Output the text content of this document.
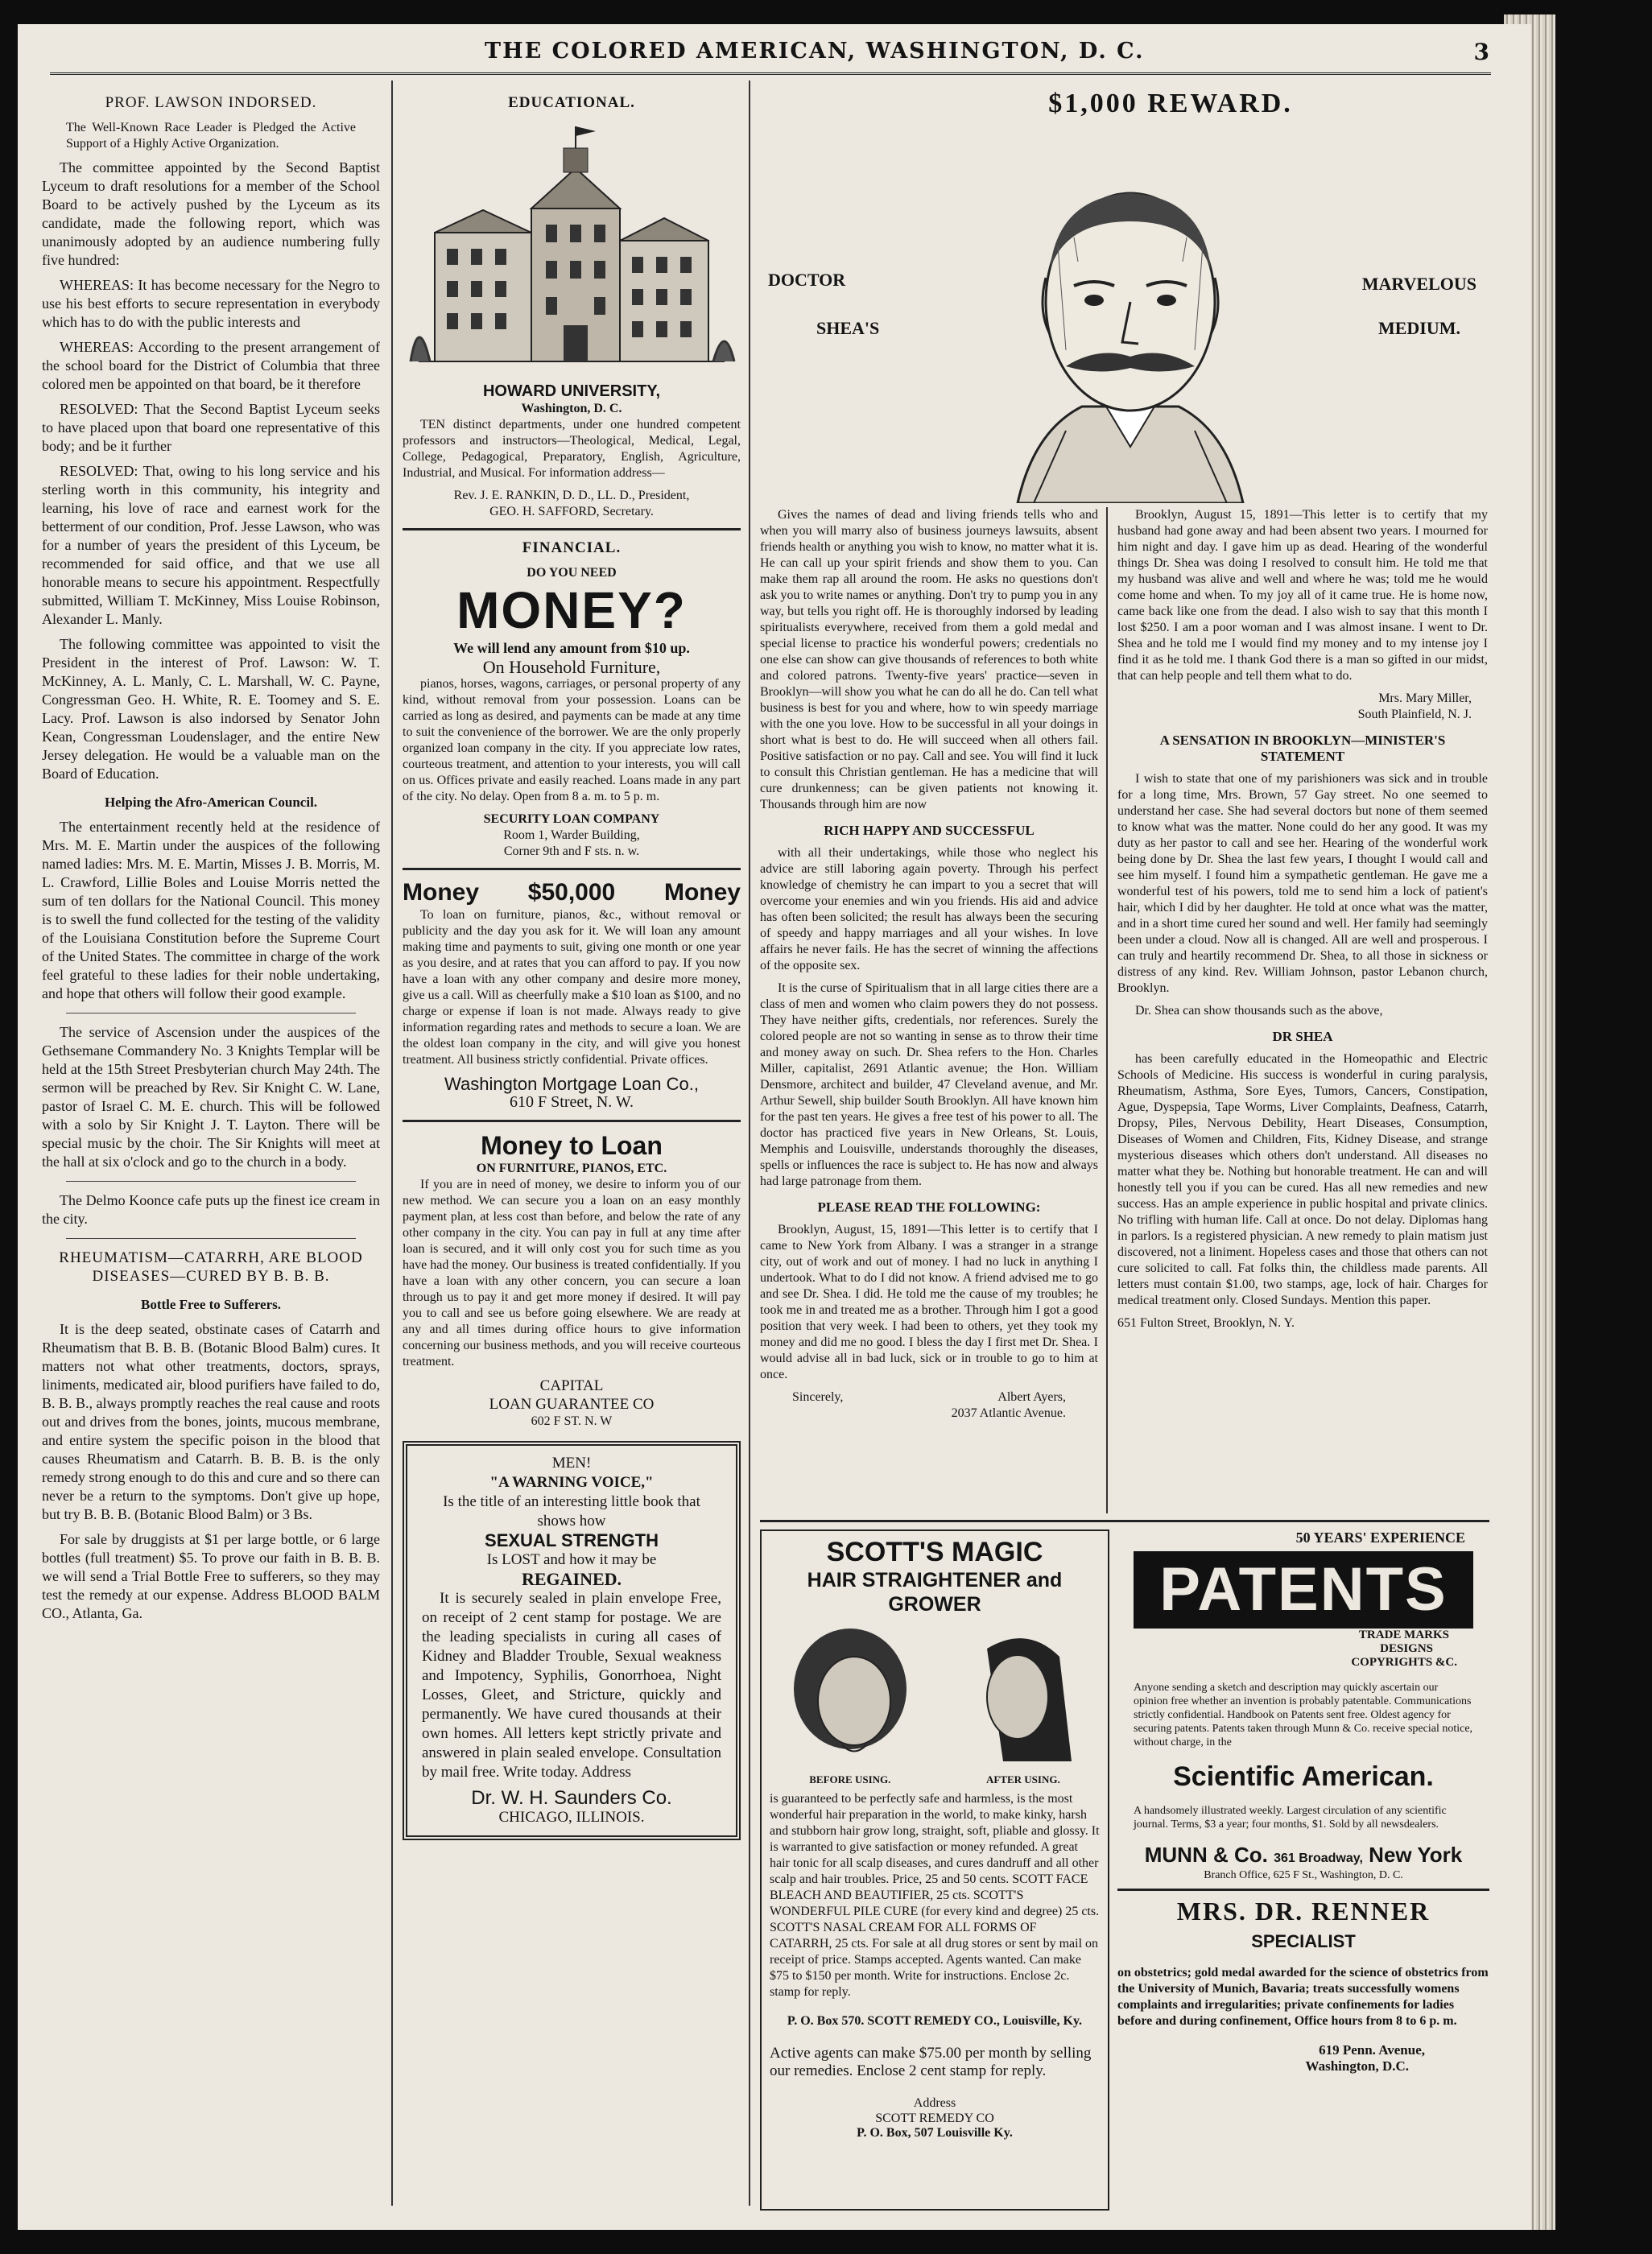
THE COLORED AMERICAN, WASHINGTON, D. C.	3
PROF. LAWSON INDORSED.

The Well-Known Race Leader is Pledged the Active Support of a Highly Active Organization.

The committee appointed by the Second Baptist Lyceum to draft resolutions for a member of the School Board to be actively pushed by the Lyceum as its candidate, made the following report, which was unanimously adopted by an audience numbering fully five hundred:

WHEREAS: It has become necessary for the Negro to use his best efforts to secure representation in everybody which has to do with the public interests and

WHEREAS: According to the present arrangement of the school board for the District of Columbia that three colored men be appointed on that board, be it therefore

RESOLVED: That the Second Baptist Lyceum seeks to have placed upon that board one representative of this body; and be it further

RESOLVED: That, owing to his long service and his sterling worth in this community, his integrity and learning, his love of race and earnest work for the betterment of our condition, Prof. Jesse Lawson, who was for a number of years the president of this Lyceum, be recommended for said office, and that we use all honorable means to secure his appointment. Respectfully submitted, William T. McKinney, Miss Louise Robinson, Alexander L. Manly.

The following committee was appointed to visit the President in the interest of Prof. Lawson: W. T. McKinney, A. L. Manly, C. L. Marshall, W. C. Payne, Congressman Geo. H. White, R. E. Toomey and S. E. Lacy. Prof. Lawson is also indorsed by Senator John Kean, Congressman Loudenslager, and the entire New Jersey delegation. He would be a valuable man on the Board of Education.

Helping the Afro-American Council.

The entertainment recently held at the residence of Mrs. M. E. Martin under the auspices of the following named ladies: Mrs. M. E. Martin, Misses J. B. Morris, M. L. Crawford, Lillie Boles and Louise Morris netted the sum of ten dollars for the National Council. This money is to swell the fund collected for the testing of the validity of the Louisiana Constitution before the Supreme Court of the United States. The committee in charge of the work feel grateful to these ladies for their noble undertaking, and hope that others will follow their good example.

The service of Ascension under the auspices of the Gethsemane Commandery No. 3 Knights Templar will be held at the 15th Street Presbyterian church May 24th. The sermon will be preached by Rev. Sir Knight C. W. Lane, pastor of Israel C. M. E. church. This will be followed with a solo by Sir Knight J. T. Layton. There will be special music by the choir. The Sir Knights will meet at the hall at six o'clock and go to the church in a body.

The Delmo Koonce cafe puts up the finest ice cream in the city.

RHEUMATISM—CATARRH, ARE BLOOD DISEASES—CURED BY B. B. B.
Bottle Free to Sufferers.

It is the deep seated, obstinate cases of Catarrh and Rheumatism that B. B. B. (Botanic Blood Balm) cures. It matters not what other treatments, doctors, sprays, liniments, medicated air, blood purifiers have failed to do, B. B. B., always promptly reaches the real cause and roots out and drives from the bones, joints, mucous membrane, and entire system the specific poison in the blood that causes Rheumatism and Catarrh. B. B. B. is the only remedy strong enough to do this and cure and so there can never be a return to the symptoms. Don't give up hope, but try B. B. B. (Botanic Blood Balm) or 3 Bs.

For sale by druggists at $1 per large bottle, or 6 large bottles (full treatment) $5. To prove our faith in B. B. B. we will send a Trial Bottle Free to sufferers, so they may test the remedy at our expense. Address BLOOD BALM CO., Atlanta, Ga.

EDUCATIONAL.
HOWARD UNIVERSITY,
Washington, D. C.

TEN distinct departments, under one hundred competent professors and instructors—Theological, Medical, Legal, College, Pedagogical, Preparatory, English, Agriculture, Industrial, and Musical. For information address—

Rev. J. E. RANKIN, D. D., LL. D., President,
GEO. H. SAFFORD, Secretary.
FINANCIAL.
DO YOU NEED
MONEY?
We will lend any amount from $10 up.
On Household Furniture,

pianos, horses, wagons, carriages, or personal property of any kind, without removal from your possession. Loans can be carried as long as desired, and payments can be made at any time to suit the convenience of the borrower. We are the only properly organized loan company in the city. If you appreciate low rates, courteous treatment, and attention to your interests, you will call on us. Offices private and easily reached. Loans made in any part of the city. No delay. Open from 8 a. m. to 5 p. m.

SECURITY LOAN COMPANY
Room 1, Warder Building,
Corner 9th and F sts. n. w.
Money $50,000 Money

To loan on furniture, pianos, &c., without removal or publicity and the day you ask for it. We will loan any amount making time and payments to suit, giving one month or one year as you desire, and at rates that you can afford to pay. If you now have a loan with any other company and desire more money, give us a call. Will as cheerfully make a $10 loan as $100, and no charge or expense if loan is not made. Always ready to give information regarding rates and methods to secure a loan. We are the oldest loan company in the city, and will give you honest treatment. All business strictly confidential. Private offices.

Washington Mortgage Loan Co.,
610 F Street, N. W.
Money to Loan
ON FURNITURE, PIANOS, ETC.

If you are in need of money, we desire to inform you of our new method. We can secure you a loan on an easy monthly payment plan, at less cost than before, and below the rate of any other company in the city. You can pay in full at any time after loan is secured, and it will only cost you for such time as you have had the money. Our business is treated confidentially. If you have a loan with any other concern, you can secure a loan through us to pay it and get more money if desired. It will pay you to call and see us before going elsewhere. We are ready at any and all times during office hours to give information concerning our business methods, and you will receive courteous treatment.

CAPITAL
LOAN GUARANTEE CO
602 F ST. N. W
MEN!
"A WARNING VOICE,"
Is the title of an interesting little book that shows how
SEXUAL STRENGTH
Is LOST and how it may be
REGAINED.

It is securely sealed in plain envelope Free, on receipt of 2 cent stamp for postage. We are the leading specialists in curing all cases of Kidney and Bladder Trouble, Sexual weakness and Impotency, Syphilis, Gonorrhoea, Night Losses, Gleet, and Stricture, quickly and permanently. We have cured thousands at their own homes. All letters kept strictly private and answered in plain sealed envelope. Consultation by mail free. Write today. Address

Dr. W. H. Saunders Co.
CHICAGO, ILLINOIS.
$1,000 REWARD.
DOCTOR
SHEA'S
MARVELOUS
MEDIUM.

Gives the names of dead and living friends tells who and when you will marry also of business journeys lawsuits, absent friends health or anything you wish to know, no matter what it is. He can call up your spirit friends and show them to you. Can make them rap all around the room. He asks no questions don't ask you to write names or anything. Don't try to pump you in any way, but tells you right off. He is thoroughly indorsed by leading spiritualists everywhere, received from them a gold medal and special license to practice his wonderful powers; credentials no one else can show can give thousands of references to both white and colored patrons. Twenty-five years' practice—seven in Brooklyn—will show you what he can do all he do. Can tell what business is best for you and where, how to win speedy marriage with the one you love. How to be successful in all your doings in short what is best to do. He will succeed when all others fail. Positive satisfaction or no pay. Call and see. You will find it luck to consult this Christian gentleman. He has a medicine that will cure drunkenness; can be given patients not knowing it. Thousands through him are now

RICH HAPPY AND SUCCESSFUL

with all their undertakings, while those who neglect his advice are still laboring again poverty. Through his perfect knowledge of chemistry he can impart to you a secret that will overcome your enemies and win you friends. His aid and advice has often been solicited; the result has always been the securing of speedy and happy marriages and all your wishes. In love affairs he never fails. He has the secret of winning the affections of the opposite sex.

It is the curse of Spiritualism that in all large cities there are a class of men and women who claim powers they do not possess. They have neither gifts, credentials, nor references. Surely the colored people are not so wanting in sense as to throw their time and money away on such. Dr. Shea refers to the Hon. Charles Miller, capitalist, 2691 Atlantic avenue; the Hon. William Densmore, architect and builder, 47 Cleveland avenue, and Mr. Arthur Sewell, ship builder South Brooklyn. All have known him for the past ten years. He gives a free test of his power to all. The doctor has practiced five years in New Orleans, St. Louis, Memphis and Louisville, understands thoroughly the diseases, spells or influences the race is subject to. He has now and always had large patronage from them.

PLEASE READ THE FOLLOWING:

Brooklyn, August, 15, 1891—This letter is to certify that I came to New York from Albany. I was a stranger in a strange city, out of work and out of money. I had no luck in anything I undertook. What to do I did not know. A friend advised me to go and see Dr. Shea. I did. He told me the cause of my troubles; he took me in and treated me as a brother. Through him I got a good position that very week. I had been to others, yet they took my money and did me no good. I bless the day I first met Dr. Shea. I would advise all in bad luck, sick or in trouble to go to him at once.

Sincerely,	Albert Ayers,
2037 Atlantic Avenue.

Brooklyn, August 15, 1891—This letter is to certify that my husband had gone away and had been absent two years. I mourned for him night and day. I gave him up as dead. Hearing of the wonderful things Dr. Shea was doing I resolved to consult him. He told me that my husband was alive and well and where he was; told me he would come home and when. To my joy all of it came true. He is home now, came back like one from the dead. I also wish to say that this month I lost $250. I am a poor woman and I was almost insane. I went to Dr. Shea and he told me I would find my money and to my intense joy I find it as he told me. I thank God there is a man so gifted in our midst, that can help people and tell them what to do.

Mrs. Mary Miller,
South Plainfield, N. J.
A SENSATION IN BROOKLYN—MINISTER'S STATEMENT

I wish to state that one of my parishioners was sick and in trouble for a long time, Mrs. Brown, 57 Gay street. No one seemed to understand her case. She had several doctors but none of them seemed to know what was the matter. None could do her any good. It was my duty as her pastor to call and see her. Hearing of the wonderful work being done by Dr. Shea the last few years, I thought I would call and see him myself. I found him a sympathetic gentleman. He gave me a wonderful test of his powers, told me to send him a lock of patient's hair, which I did by her daughter. He told at once what was the matter, and in a short time cured her sound and well. Her family had seemingly been under a cloud. Now all is changed. All are well and prosperous. I can truly and heartily recommend Dr. Shea, to all those in sickness or distress of any kind. Rev. William Johnson, pastor Lebanon church, Brooklyn.

Dr. Shea can show thousands such as the above,

DR SHEA

has been carefully educated in the Homeopathic and Electric Schools of Medicine. His success is wonderful in curing paralysis, Rheumatism, Asthma, Sore Eyes, Tumors, Cancers, Constipation, Ague, Dyspepsia, Tape Worms, Liver Complaints, Deafness, Catarrh, Dropsy, Piles, Nervous Debility, Heart Diseases, Consumption, Diseases of Women and Children, Fits, Kidney Disease, and strange mysterious diseases which others don't understand. All diseases no matter what they be. Nothing but honorable treatment. He can and will honestly tell you if you can be cured. Has all new remedies and new success. Has an ample experience in public hospital and private clinics. No trifling with human life. Call at once. Do not delay. Diplomas hang in parlors. Is a registered physician. A new remedy to plain matism just discovered, not a liniment. Hopeless cases and those that others can not cure solicited to call. Fat folks thin, the childless made parents. All letters must contain $1.00, two stamps, age, lock of hair. Charges for medical treatment only. Closed Sundays. Mention this paper.

651 Fulton Street, Brooklyn, N. Y.
SCOTT'S MAGIC
HAIR STRAIGHTENER and GROWER
BEFORE USING.	AFTER USING.

is guaranteed to be perfectly safe and harmless, is the most wonderful hair preparation in the world, to make kinky, harsh and stubborn hair grow long, straight, soft, pliable and glossy. It is warranted to give satisfaction or money refunded. A great hair tonic for all scalp diseases, and cures dandruff and all other scalp and hair troubles. Price, 25 and 50 cents. SCOTT FACE BLEACH AND BEAUTIFIER, 25 cts. SCOTT'S WONDERFUL PILE CURE (for every kind and degree) 25 cts. SCOTT'S NASAL CREAM FOR ALL FORMS OF CATARRH, 25 cts. For sale at all drug stores or sent by mail on receipt of price. Stamps accepted. Agents wanted. Can make $75 to $150 per month. Write for instructions. Enclose 2c. stamp for reply.

P. O. Box 570. SCOTT REMEDY CO., Louisville, Ky.

Active agents can make $75.00 per month by selling our remedies. Enclose 2 cent stamp for reply.

Address
SCOTT REMEDY CO
P. O. Box, 507 Louisville Ky.
50 YEARS' EXPERIENCE
PATENTS
TRADE MARKS
DESIGNS
COPYRIGHTS &C.

Anyone sending a sketch and description may quickly ascertain our opinion free whether an invention is probably patentable. Communications strictly confidential. Handbook on Patents sent free. Oldest agency for securing patents. Patents taken through Munn & Co. receive special notice, without charge, in the

Scientific American.

A handsomely illustrated weekly. Largest circulation of any scientific journal. Terms, $3 a year; four months, $1. Sold by all newsdealers.

MUNN & Co. 361 Broadway, New York
Branch Office, 625 F St., Washington, D. C.
MRS. DR. RENNER
SPECIALIST

on obstetrics; gold medal awarded for the science of obstetrics from the University of Munich, Bavaria; treats successfully womens complaints and irregularities; private confinements for ladies before and during confinement, Office hours from 8 to 6 p. m.

619 Penn. Avenue,
Washington, D.C.
